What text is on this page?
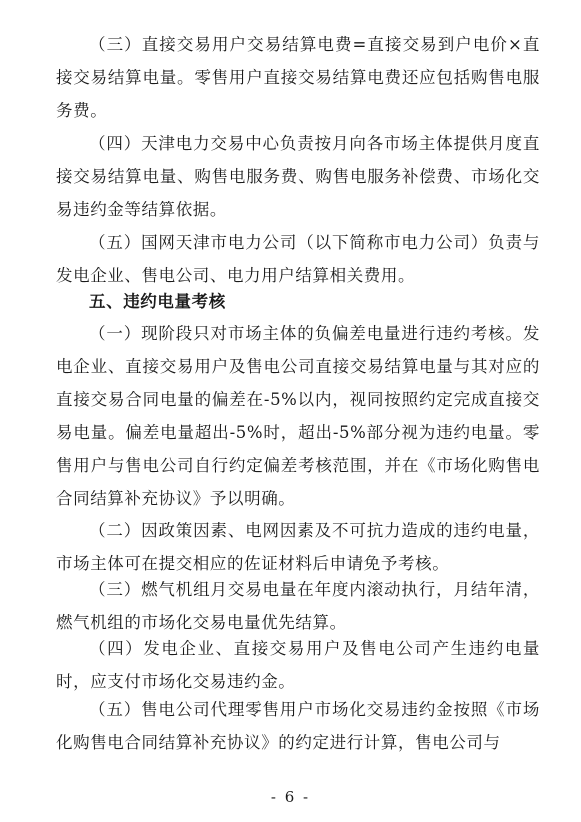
（三）直接交易用户交易结算电费=直接交易到户电价×直接交易结算电量。零售用户直接交易结算电费还应包括购售电服务费。

（四）天津电力交易中心负责按月向各市场主体提供月度直接交易结算电量、购售电服务费、购售电服务补偿费、市场化交易违约金等结算依据。

（五）国网天津市电力公司（以下简称市电力公司）负责与发电企业、售电公司、电力用户结算相关费用。

五、违约电量考核

（一）现阶段只对市场主体的负偏差电量进行违约考核。发电企业、直接交易用户及售电公司直接交易结算电量与其对应的直接交易合同电量的偏差在-5%以内，视同按照约定完成直接交易电量。偏差电量超出-5%时，超出-5%部分视为违约电量。零售用户与售电公司自行约定偏差考核范围，并在《市场化购售电合同结算补充协议》予以明确。

（二）因政策因素、电网因素及不可抗力造成的违约电量，市场主体可在提交相应的佐证材料后申请免予考核。

（三）燃气机组月交易电量在年度内滚动执行，月结年清，燃气机组的市场化交易电量优先结算。

（四）发电企业、直接交易用户及售电公司产生违约电量时，应支付市场化交易违约金。

（五）售电公司代理零售用户市场化交易违约金按照《市场化购售电合同结算补充协议》的约定进行计算，售电公司与

- 6 -
